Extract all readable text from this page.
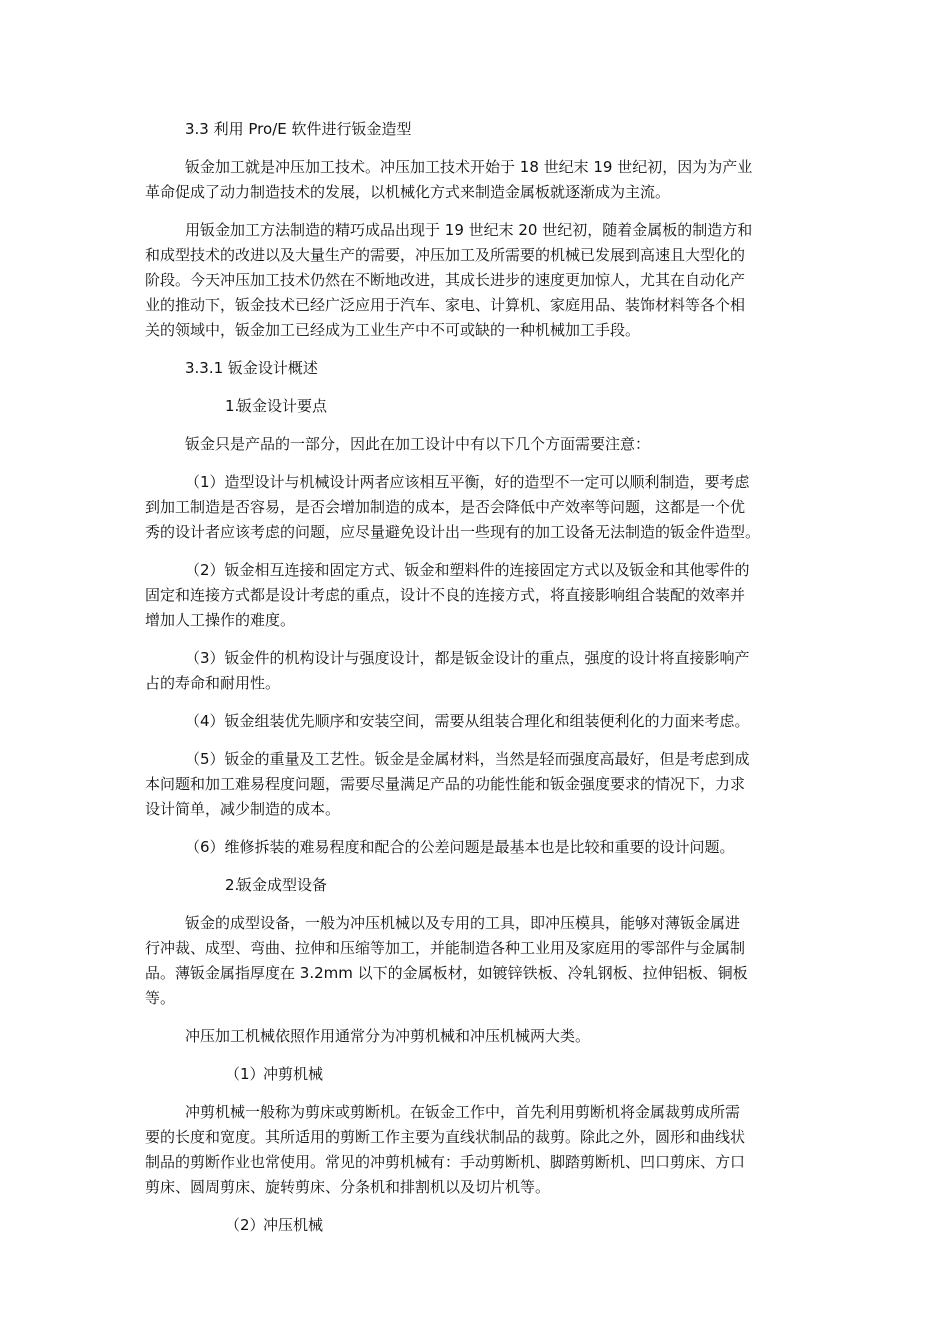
3.3 利用 Pro/E 软件进行钣金造型

钣金加工就是冲压加工技术。冲压加工技术开始于 18 世纪末 19 世纪初，因为为产业

革命促成了动力制造技术的发展，以机械化方式来制造金属板就逐渐成为主流。

用钣金加工方法制造的精巧成品出现于 19 世纪末 20 世纪初，随着金属板的制造方和

和成型技术的改进以及大量生产的需要，冲压加工及所需要的机械已发展到高速且大型化的

阶段。今天冲压加工技术仍然在不断地改进，其成长进步的速度更加惊人，尤其在自动化产

业的推动下，钣金技术已经广泛应用于汽车、家电、计算机、家庭用品、装饰材料等各个相

关的领域中，钣金加工已经成为工业生产中不可或缺的一种机械加工手段。

3.3.1 钣金设计概述

1.钣金设计要点

钣金只是产品的一部分，因此在加工设计中有以下几个方面需要注意：

（1）造型设计与机械设计两者应该相互平衡，好的造型不一定可以顺利制造，要考虑

到加工制造是否容易，是否会增加制造的成本，是否会降低中产效率等问题，这都是一个优

秀的设计者应该考虑的问题，应尽量避免设计出一些现有的加工设备无法制造的钣金件造型。

（2）钣金相互连接和固定方式、钣金和塑料件的连接固定方式以及钣金和其他零件的

固定和连接方式都是设计考虑的重点，设计不良的连接方式，将直接影响组合装配的效率并

增加人工操作的难度。

（3）钣金件的机构设计与强度设计，都是钣金设计的重点，强度的设计将直接影响产

占的寿命和耐用性。

（4）钣金组装优先顺序和安装空间，需要从组装合理化和组装便利化的力面来考虑。

（5）钣金的重量及工艺性。钣金是金属材料，当然是轻而强度高最好，但是考虑到成

本问题和加工难易程度问题，需要尽量满足产品的功能性能和钣金强度要求的情况下，力求

设计简单，减少制造的成本。

（6）维修拆装的难易程度和配合的公差问题是最基本也是比较和重要的设计问题。

2.钣金成型设备

钣金的成型设备，一般为冲压机械以及专用的工具，即冲压模具，能够对薄钣金属进

行冲裁、成型、弯曲、拉伸和压缩等加工，并能制造各种工业用及家庭用的零部件与金属制

品。薄钣金属指厚度在 3.2mm 以下的金属板材，如镀锌铁板、冷轧钢板、拉伸铝板、铜板

等。

冲压加工机械依照作用通常分为冲剪机械和冲压机械两大类。

（1）冲剪机械

冲剪机械一般称为剪床或剪断机。在钣金工作中，首先利用剪断机将金属裁剪成所需

要的长度和宽度。其所适用的剪断工作主要为直线状制品的裁剪。除此之外，圆形和曲线状

制品的剪断作业也常使用。常见的冲剪机械有：手动剪断机、脚踏剪断机、凹口剪床、方口

剪床、圆周剪床、旋转剪床、分条机和排割机以及切片机等。

（2）冲压机械
